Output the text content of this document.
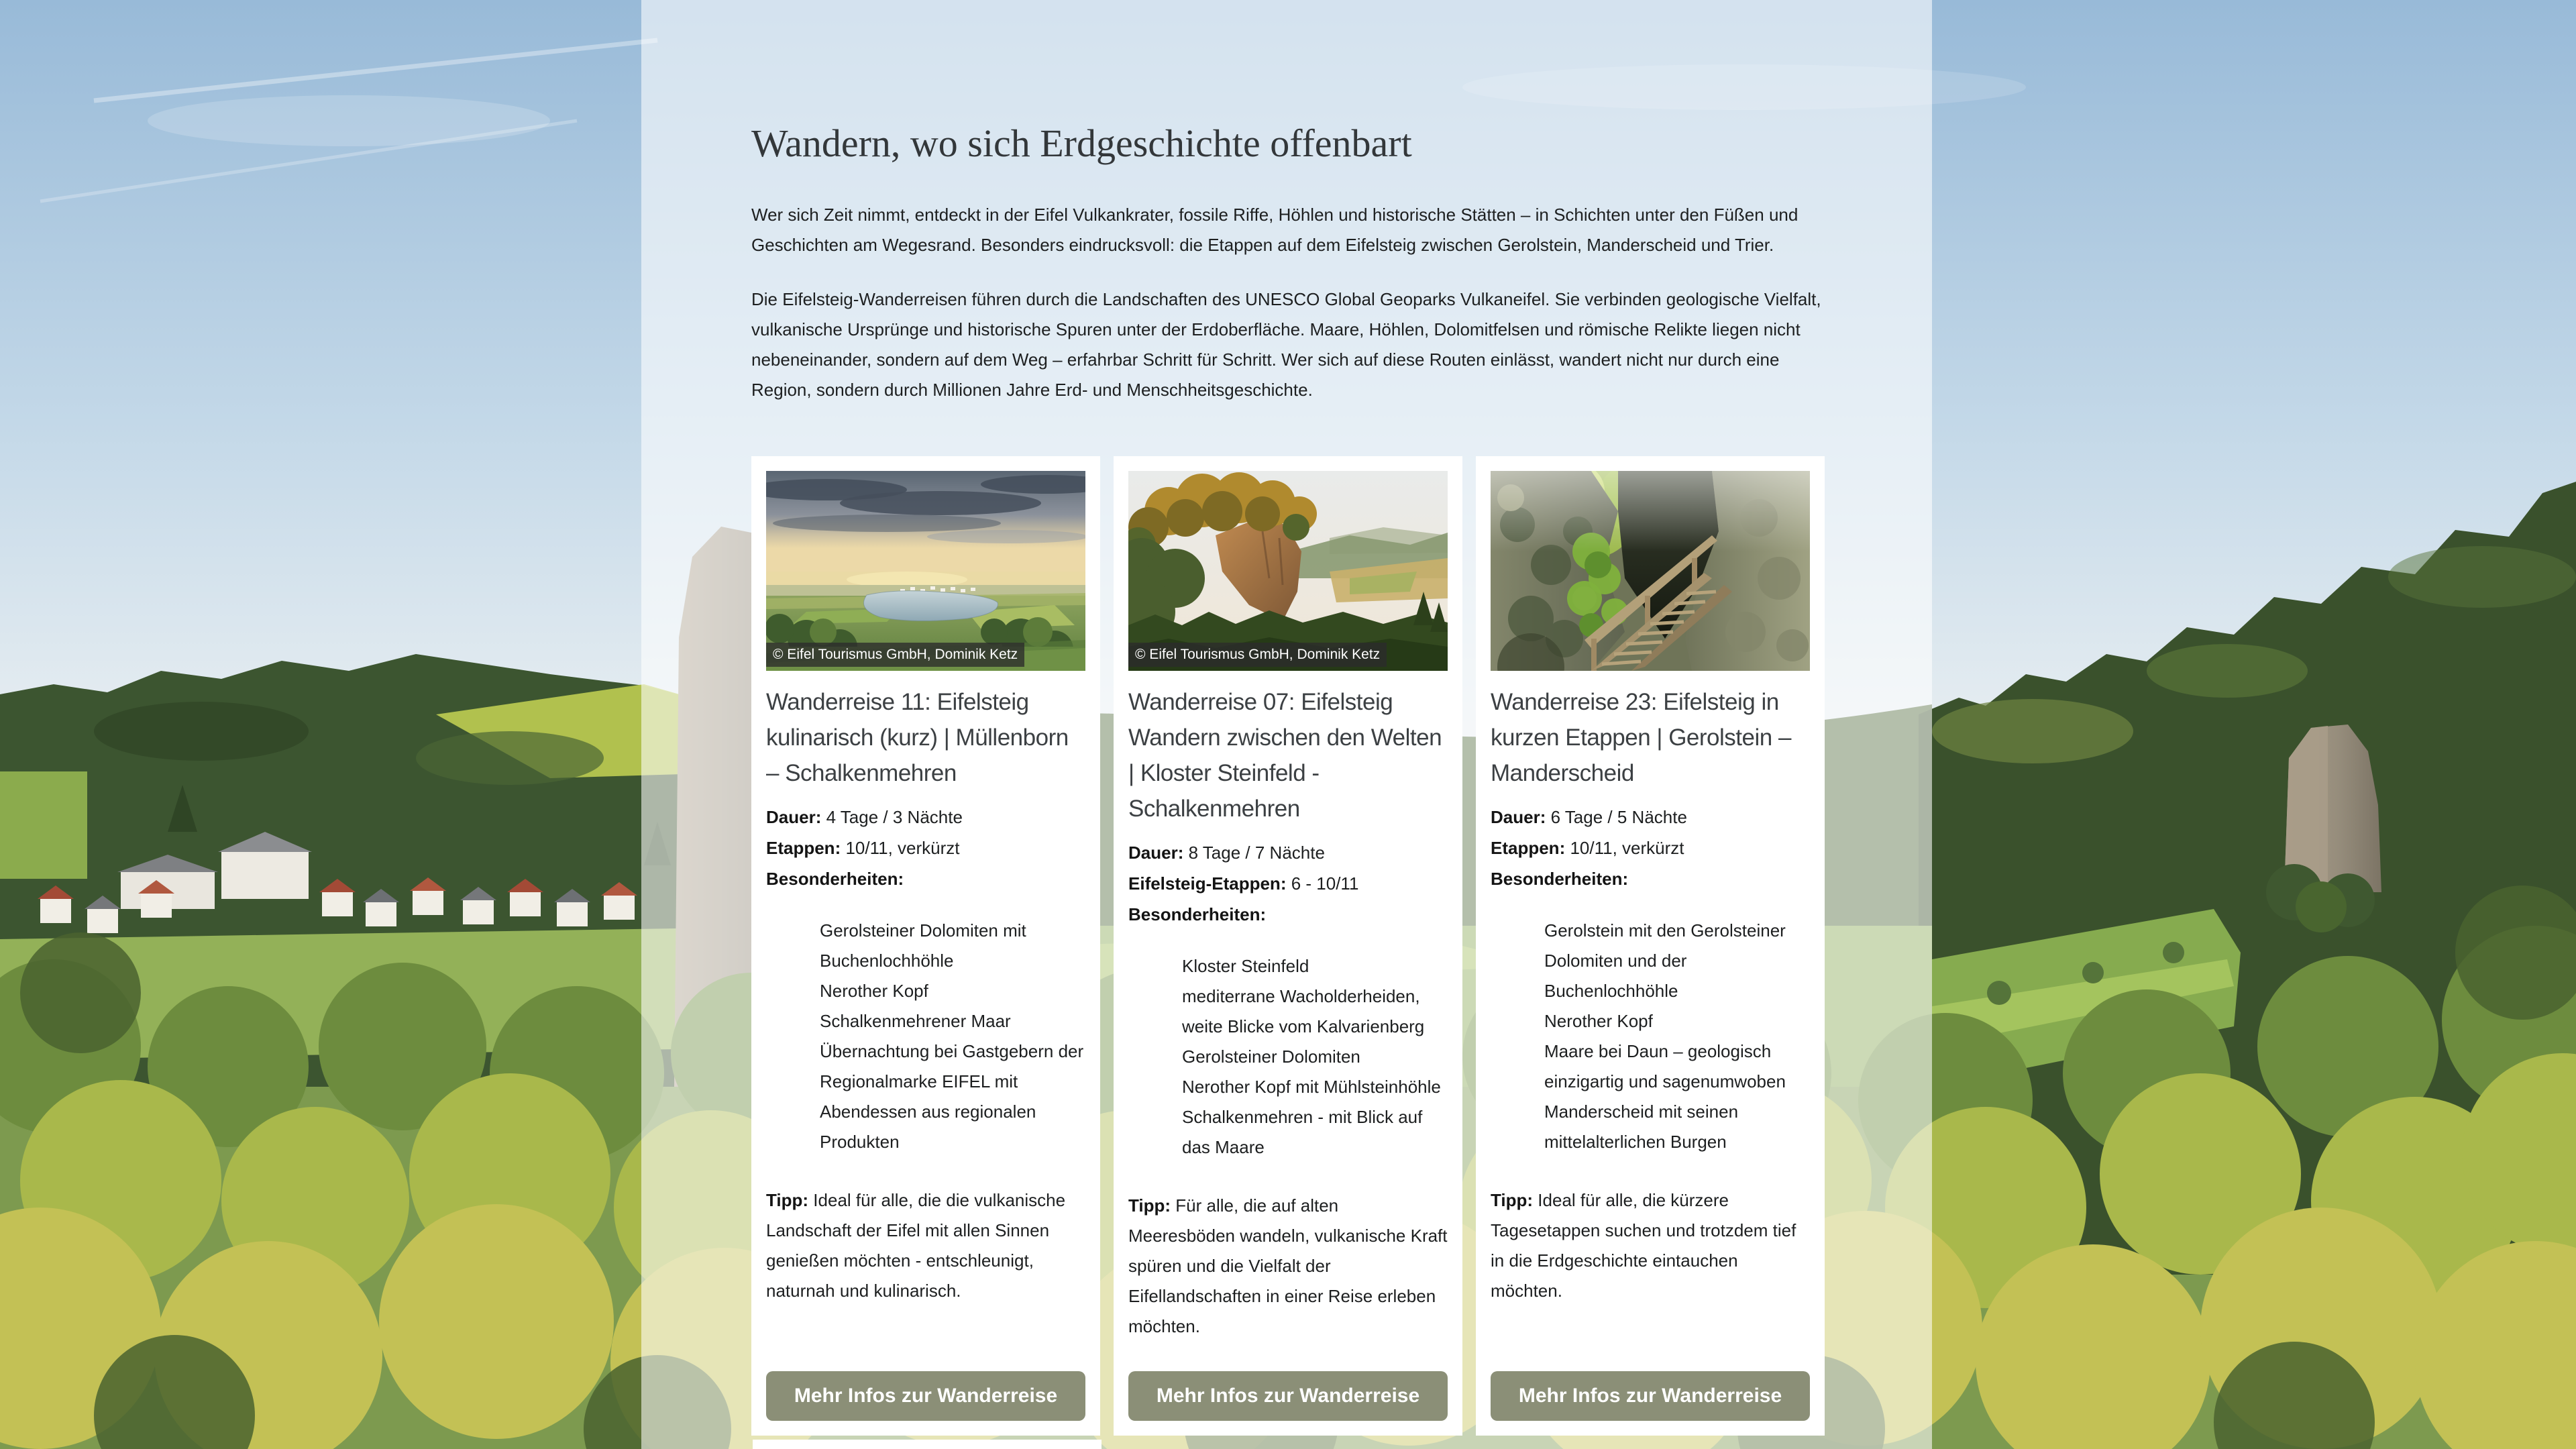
Wandern, wo sich Erdgeschichte offenbart

Wer sich Zeit nimmt, entdeckt in der Eifel Vulkankrater, fossile Riffe, Höhlen und historische Stätten – in Schichten unter den Füßen und Geschichten am Wegesrand. Besonders eindrucksvoll: die Etappen auf dem Eifelsteig zwischen Gerolstein, Manderscheid und Trier.

Die Eifelsteig-Wanderreisen führen durch die Landschaften des UNESCO Global Geoparks Vulkaneifel. Sie verbinden geologische Vielfalt, vulkanische Ursprünge und historische Spuren unter der Erdoberfläche. Maare, Höhlen, Dolomitfelsen und römische Relikte liegen nicht nebeneinander, sondern auf dem Weg – erfahrbar Schritt für Schritt. Wer sich auf diese Routen einlässt, wandert nicht nur durch eine Region, sondern durch Millionen Jahre Erd- und Menschheitsgeschichte.

© Eifel Tourismus GmbH, Dominik Ketz
Wanderreise 11: Eifelsteig kulinarisch (kurz) | Müllenborn – Schalkenmehren

Dauer: 4 Tage / 3 Nächte

Etappen: 10/11, verkürzt

Besonderheiten:

Gerolsteiner Dolomiten mit Buchenlochhöhle
Nerother Kopf
Schalkenmehrener Maar
Übernachtung bei Gastgebern der Regionalmarke EIFEL mit Abendessen aus regionalen Produkten

Tipp: Ideal für alle, die die vulkanische Landschaft der Eifel mit allen Sinnen genießen möchten - entschleunigt, naturnah und kulinarisch.

Mehr Infos zur Wanderreise
© Eifel Tourismus GmbH, Dominik Ketz
Wanderreise 07: Eifelsteig Wandern zwischen den Welten | Kloster Steinfeld - Schalkenmehren

Dauer: 8 Tage / 7 Nächte

Eifelsteig-Etappen: 6 - 10/11

Besonderheiten:

Kloster Steinfeld
mediterrane Wacholderheiden, weite Blicke vom Kalvarienberg
Gerolsteiner Dolomiten
Nerother Kopf mit Mühlsteinhöhle
Schalkenmehren - mit Blick auf das Maare

Tipp: Für alle, die auf alten Meeresböden wandeln, vulkanische Kraft spüren und die Vielfalt der Eifellandschaften in einer Reise erleben möchten.

Mehr Infos zur Wanderreise
Wanderreise 23: Eifelsteig in kurzen Etappen | Gerolstein – Manderscheid

Dauer: 6 Tage / 5 Nächte

Etappen: 10/11, verkürzt

Besonderheiten:

Gerolstein mit den Gerolsteiner Dolomiten und der Buchenlochhöhle
Nerother Kopf
Maare bei Daun – geologisch einzigartig und sagenumwoben
Manderscheid mit seinen mittelalterlichen Burgen

Tipp: Ideal für alle, die kürzere Tagesetappen suchen und trotzdem tief in die Erdgeschichte eintauchen möchten.

Mehr Infos zur Wanderreise
